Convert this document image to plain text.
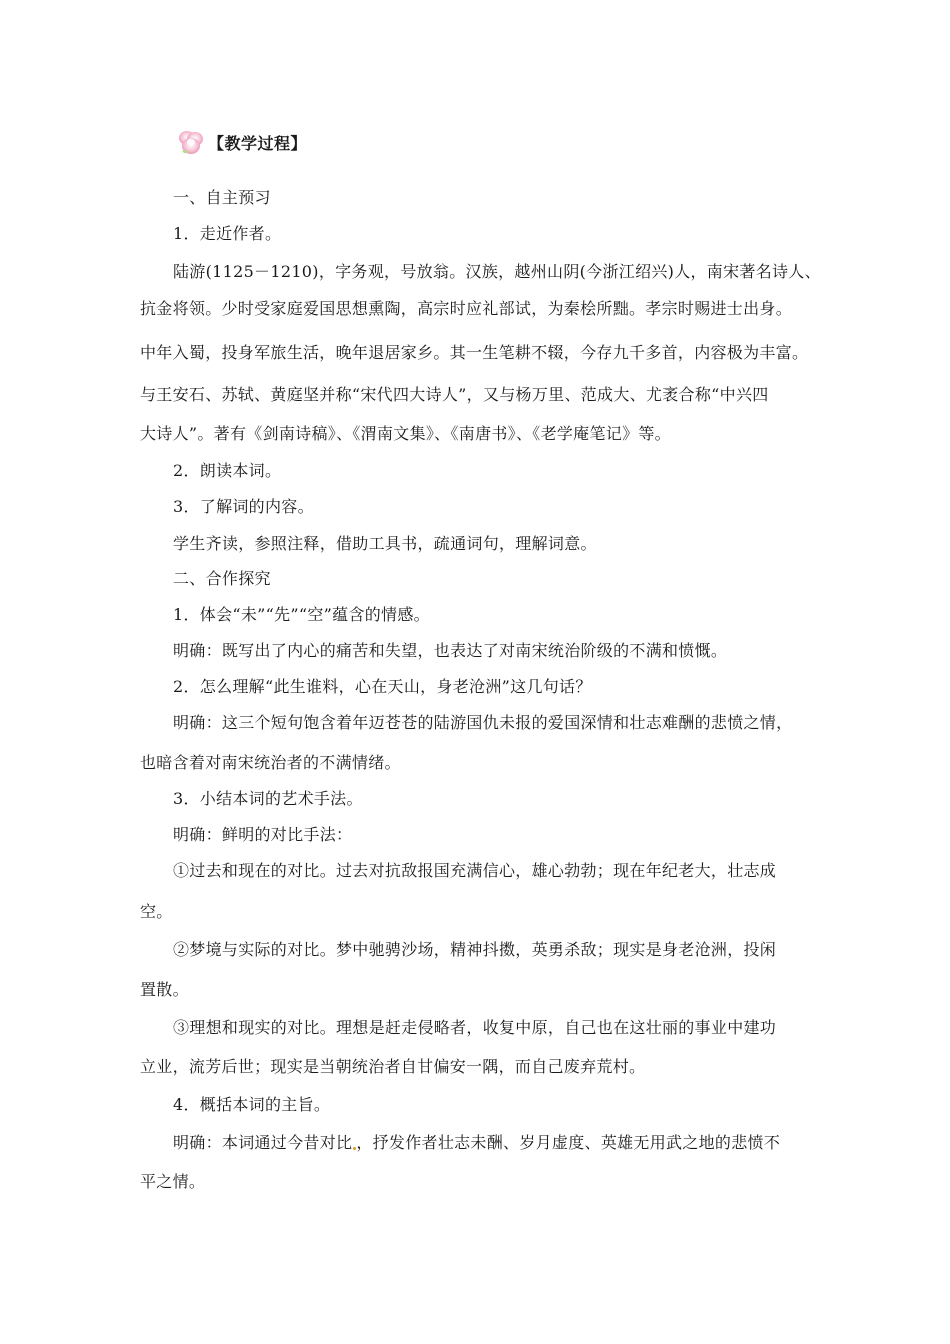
【教学过程】
一、自主预习
1．走近作者。
陆游(1125－1210)，字务观，号放翁。汉族，越州山阴(今浙江绍兴)人，南宋著名诗人、
抗金将领。少时受家庭爱国思想熏陶，高宗时应礼部试，为秦桧所黜。孝宗时赐进士出身。
中年入蜀，投身军旅生活，晚年退居家乡。其一生笔耕不辍，今存九千多首，内容极为丰富。
与王安石、苏轼、黄庭坚并称“宋代四大诗人”，又与杨万里、范成大、尤袤合称“中兴四
大诗人”。著有《剑南诗稿》、《渭南文集》、《南唐书》、《老学庵笔记》等。
2．朗读本词。
3．了解词的内容。
学生齐读，参照注释，借助工具书，疏通词句，理解词意。
二、合作探究
1．体会“未”“先”“空”蕴含的情感。
明确：既写出了内心的痛苦和失望，也表达了对南宋统治阶级的不满和愤慨。
2．怎么理解“此生谁料，心在天山，身老沧洲”这几句话？
明确：这三个短句饱含着年迈苍苍的陆游国仇未报的爱国深情和壮志难酬的悲愤之情，
也暗含着对南宋统治者的不满情绪。
3．小结本词的艺术手法。
明确：鲜明的对比手法：
①过去和现在的对比。过去对抗敌报国充满信心，雄心勃勃；现在年纪老大，壮志成
空。
②梦境与实际的对比。梦中驰骋沙场，精神抖擞，英勇杀敌；现实是身老沧洲，投闲
置散。
③理想和现实的对比。理想是赶走侵略者，收复中原，自己也在这壮丽的事业中建功
立业，流芳后世；现实是当朝统治者自甘偏安一隅，而自己废弃荒村。
4．概括本词的主旨。
明确：本词通过今昔对比 ，抒发作者壮志未酬、岁月虚度、英雄无用武之地的悲愤不
平之情。
